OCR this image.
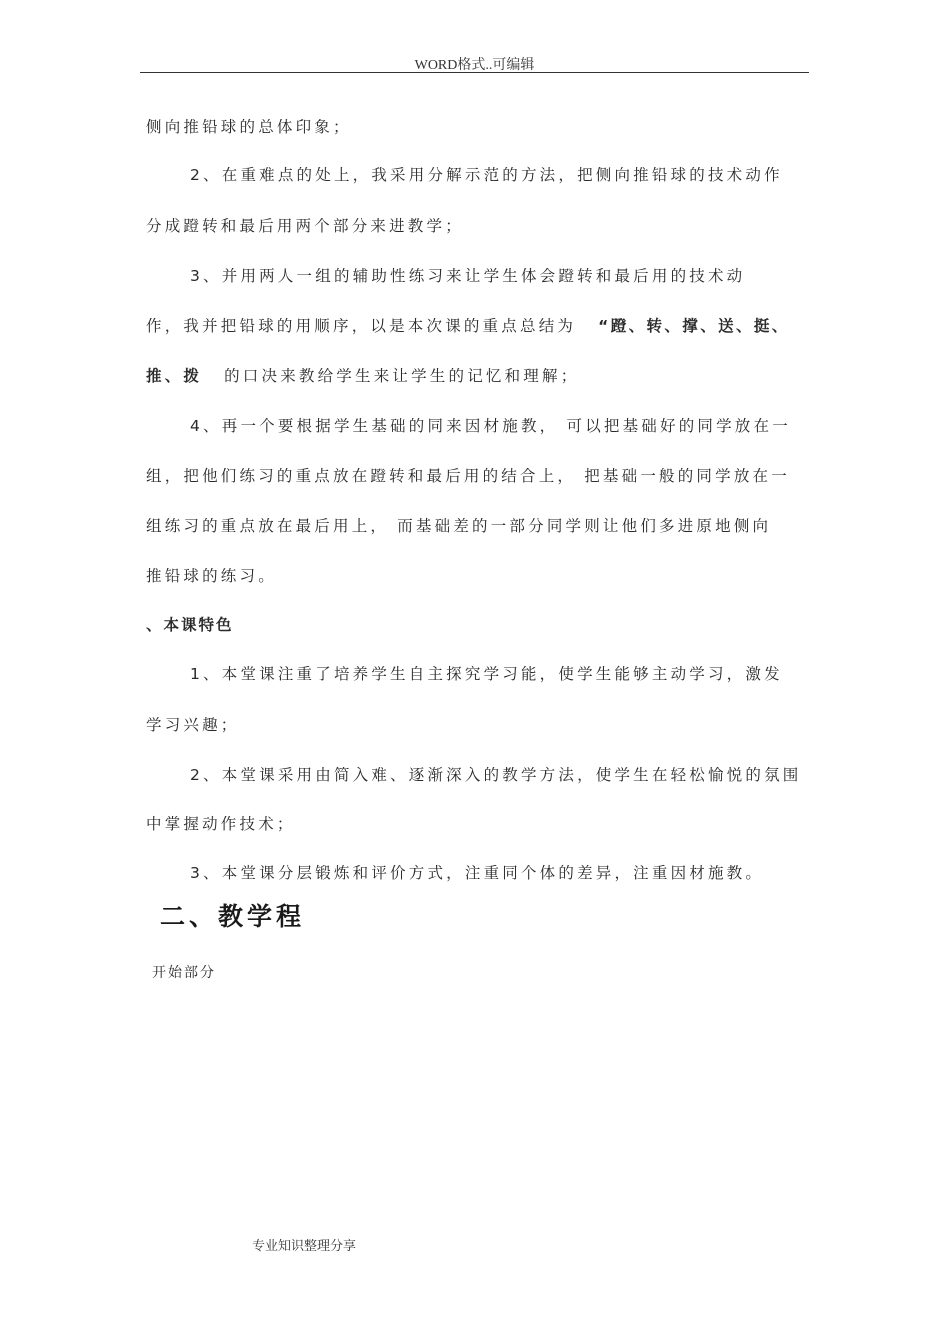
WORD格式..可编辑
侧向推铅球的总体印象；
2、在重难点的处上，我采用分解示范的方法，把侧向推铅球的技术动作
分成蹬转和最后用两个部分来进教学；
3、并用两人一组的辅助性练习来让学生体会蹬转和最后用的技术动
作，我并把铅球的用顺序，以是本次课的重点总结为 “蹬、转、撑、送、挺、
推、拨 的口决来教给学生来让学生的记忆和理解；
4、再一个要根据学生基础的同来因材施教， 可以把基础好的同学放在一
组，把他们练习的重点放在蹬转和最后用的结合上， 把基础一般的同学放在一
组练习的重点放在最后用上， 而基础差的一部分同学则让他们多进原地侧向
推铅球的练习。
、本课特色
1、本堂课注重了培养学生自主探究学习能，使学生能够主动学习，激发
学习兴趣；
2、本堂课采用由简入难、逐渐深入的教学方法，使学生在轻松愉悦的氛围
中掌握动作技术；
3、本堂课分层锻炼和评价方式，注重同个体的差异，注重因材施教。
二、教学程
开始部分
专业知识整理分享
